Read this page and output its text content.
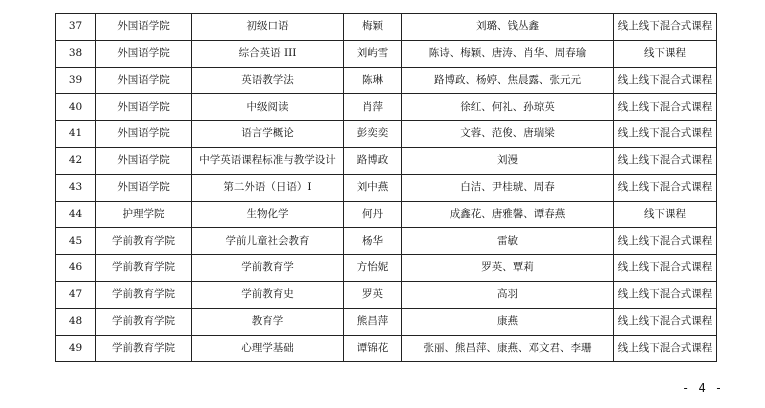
37	外国语学院	初级口语	梅颖	刘璐、钱丛鑫	线上线下混合式课程
38	外国语学院	综合英语 III	刘屿雪	陈诗、梅颖、唐涛、肖华、周春瑜	线下课程
39	外国语学院	英语教学法	陈琳	路博政、杨婷、焦晨露、张元元	线上线下混合式课程
40	外国语学院	中级阅读	肖萍	徐红、何礼、孙琼英	线上线下混合式课程
41	外国语学院	语言学概论	彭奕奕	文蓉、范俊、唐瑞梁	线上线下混合式课程
42	外国语学院	中学英语课程标准与教学设计	路博政	刘漫	线上线下混合式课程
43	外国语学院	第二外语（日语）Ⅰ	刘中燕	白洁、尹桂琥、周春	线上线下混合式课程
44	护理学院	生物化学	何丹	成鑫花、唐雅馨、谭春燕	线下课程
45	学前教育学院	学前儿童社会教育	杨华	雷敏	线上线下混合式课程
46	学前教育学院	学前教育学	方怡妮	罗英、覃莉	线上线下混合式课程
47	学前教育学院	学前教育史	罗英	高羽	线上线下混合式课程
48	学前教育学院	教育学	熊昌萍	康燕	线上线下混合式课程
49	学前教育学院	心理学基础	谭锦花	张丽、熊昌萍、康燕、邓文君、李珊	线上线下混合式课程
- 4 -
